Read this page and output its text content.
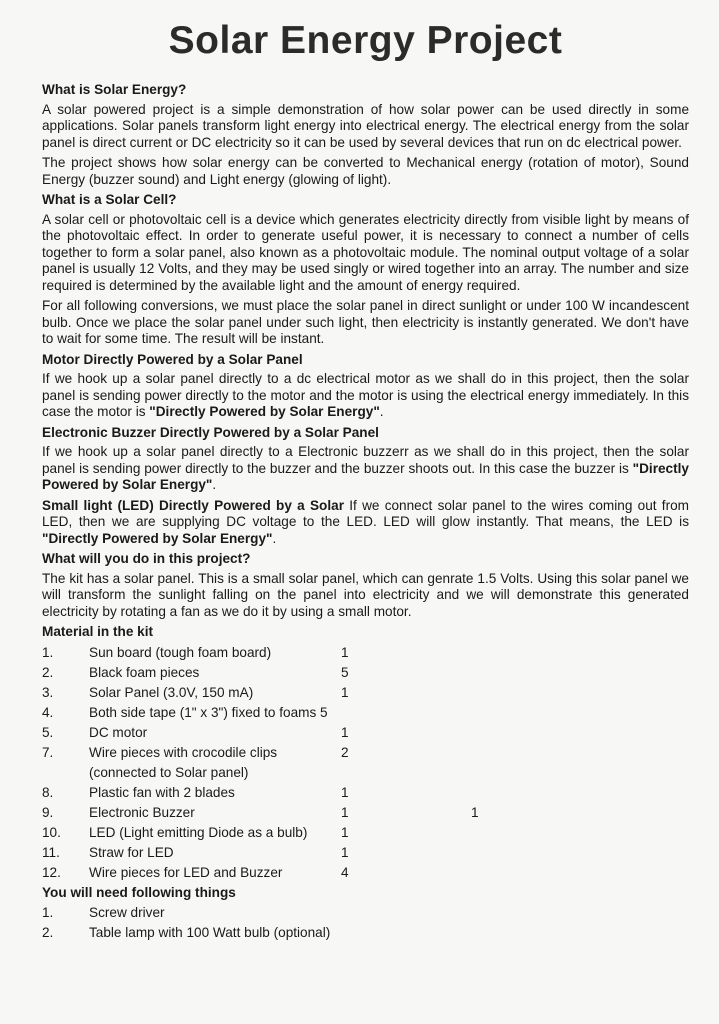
Solar Energy Project
What is Solar Energy?
A solar powered project is a simple demonstration of how solar power can be used directly in some applications. Solar panels transform light energy into electrical energy. The electrical energy from the solar panel is direct current or DC electricity so it can be used by several devices that run on dc electrical power.
The project shows how solar energy can be converted to Mechanical energy (rotation of motor), Sound Energy (buzzer sound) and Light energy (glowing of light).
What is a Solar Cell?
A solar cell or photovoltaic cell is a device which generates electricity directly from visible light by means of the photovoltaic effect. In order to generate useful power, it is necessary to connect a number of cells together to form a solar panel, also known as a photovoltaic module. The nominal output voltage of a solar panel is usually 12 Volts, and they may be used singly or wired together into an array. The number and size required is determined by the available light and the amount of energy required.
For all following conversions, we must place the solar panel in direct sunlight or under 100 W incandescent bulb. Once we place the solar panel under such light, then electricity is instantly generated. We don't have to wait for some time. The result will be instant.
Motor Directly Powered by a Solar Panel
If we hook up a solar panel directly to a dc electrical motor as we shall do in this project, then the solar panel is sending power directly to the motor and the motor is using the electrical energy immediately. In this case the motor is "Directly Powered by Solar Energy".
Electronic Buzzer Directly Powered by a Solar Panel
If we hook up a solar panel directly to a Electronic buzzerr as we shall do in this project, then the solar panel is sending power directly to the buzzer and the buzzer shoots out. In this case the buzzer is "Directly Powered by Solar Energy".
Small light (LED) Directly Powered by a Solar If we connect solar panel to the wires coming out from LED, then we are supplying DC voltage to the LED. LED will glow instantly. That means, the LED is "Directly Powered by Solar Energy".
What will you do in this project?
The kit has a solar panel. This is a small solar panel, which can genrate 1.5 Volts. Using this solar panel we will transform the sunlight falling on the panel into electricity and we will demonstrate this generated electricity by rotating a fan as we do it by using a small motor.
Material in the kit
1.	Sun board (tough foam board)	1	
2.	Black foam pieces	5	
3.	Solar Panel (3.0V, 150 mA)	1	
4.	Both side tape (1" x 3") fixed to foams 5		
5.	DC motor	1	
7.	Wire pieces with crocodile clips	2	
	(connected to Solar panel)		
8.	Plastic fan with 2 blades	1	
9.	Electronic Buzzer	1	1
10.	LED (Light emitting Diode as a bulb)	1	
11.	Straw for LED	1	
12.	Wire pieces for LED and Buzzer	4	
You will need following things
1.	Screw driver
2.	Table lamp with 100 Watt bulb (optional)
